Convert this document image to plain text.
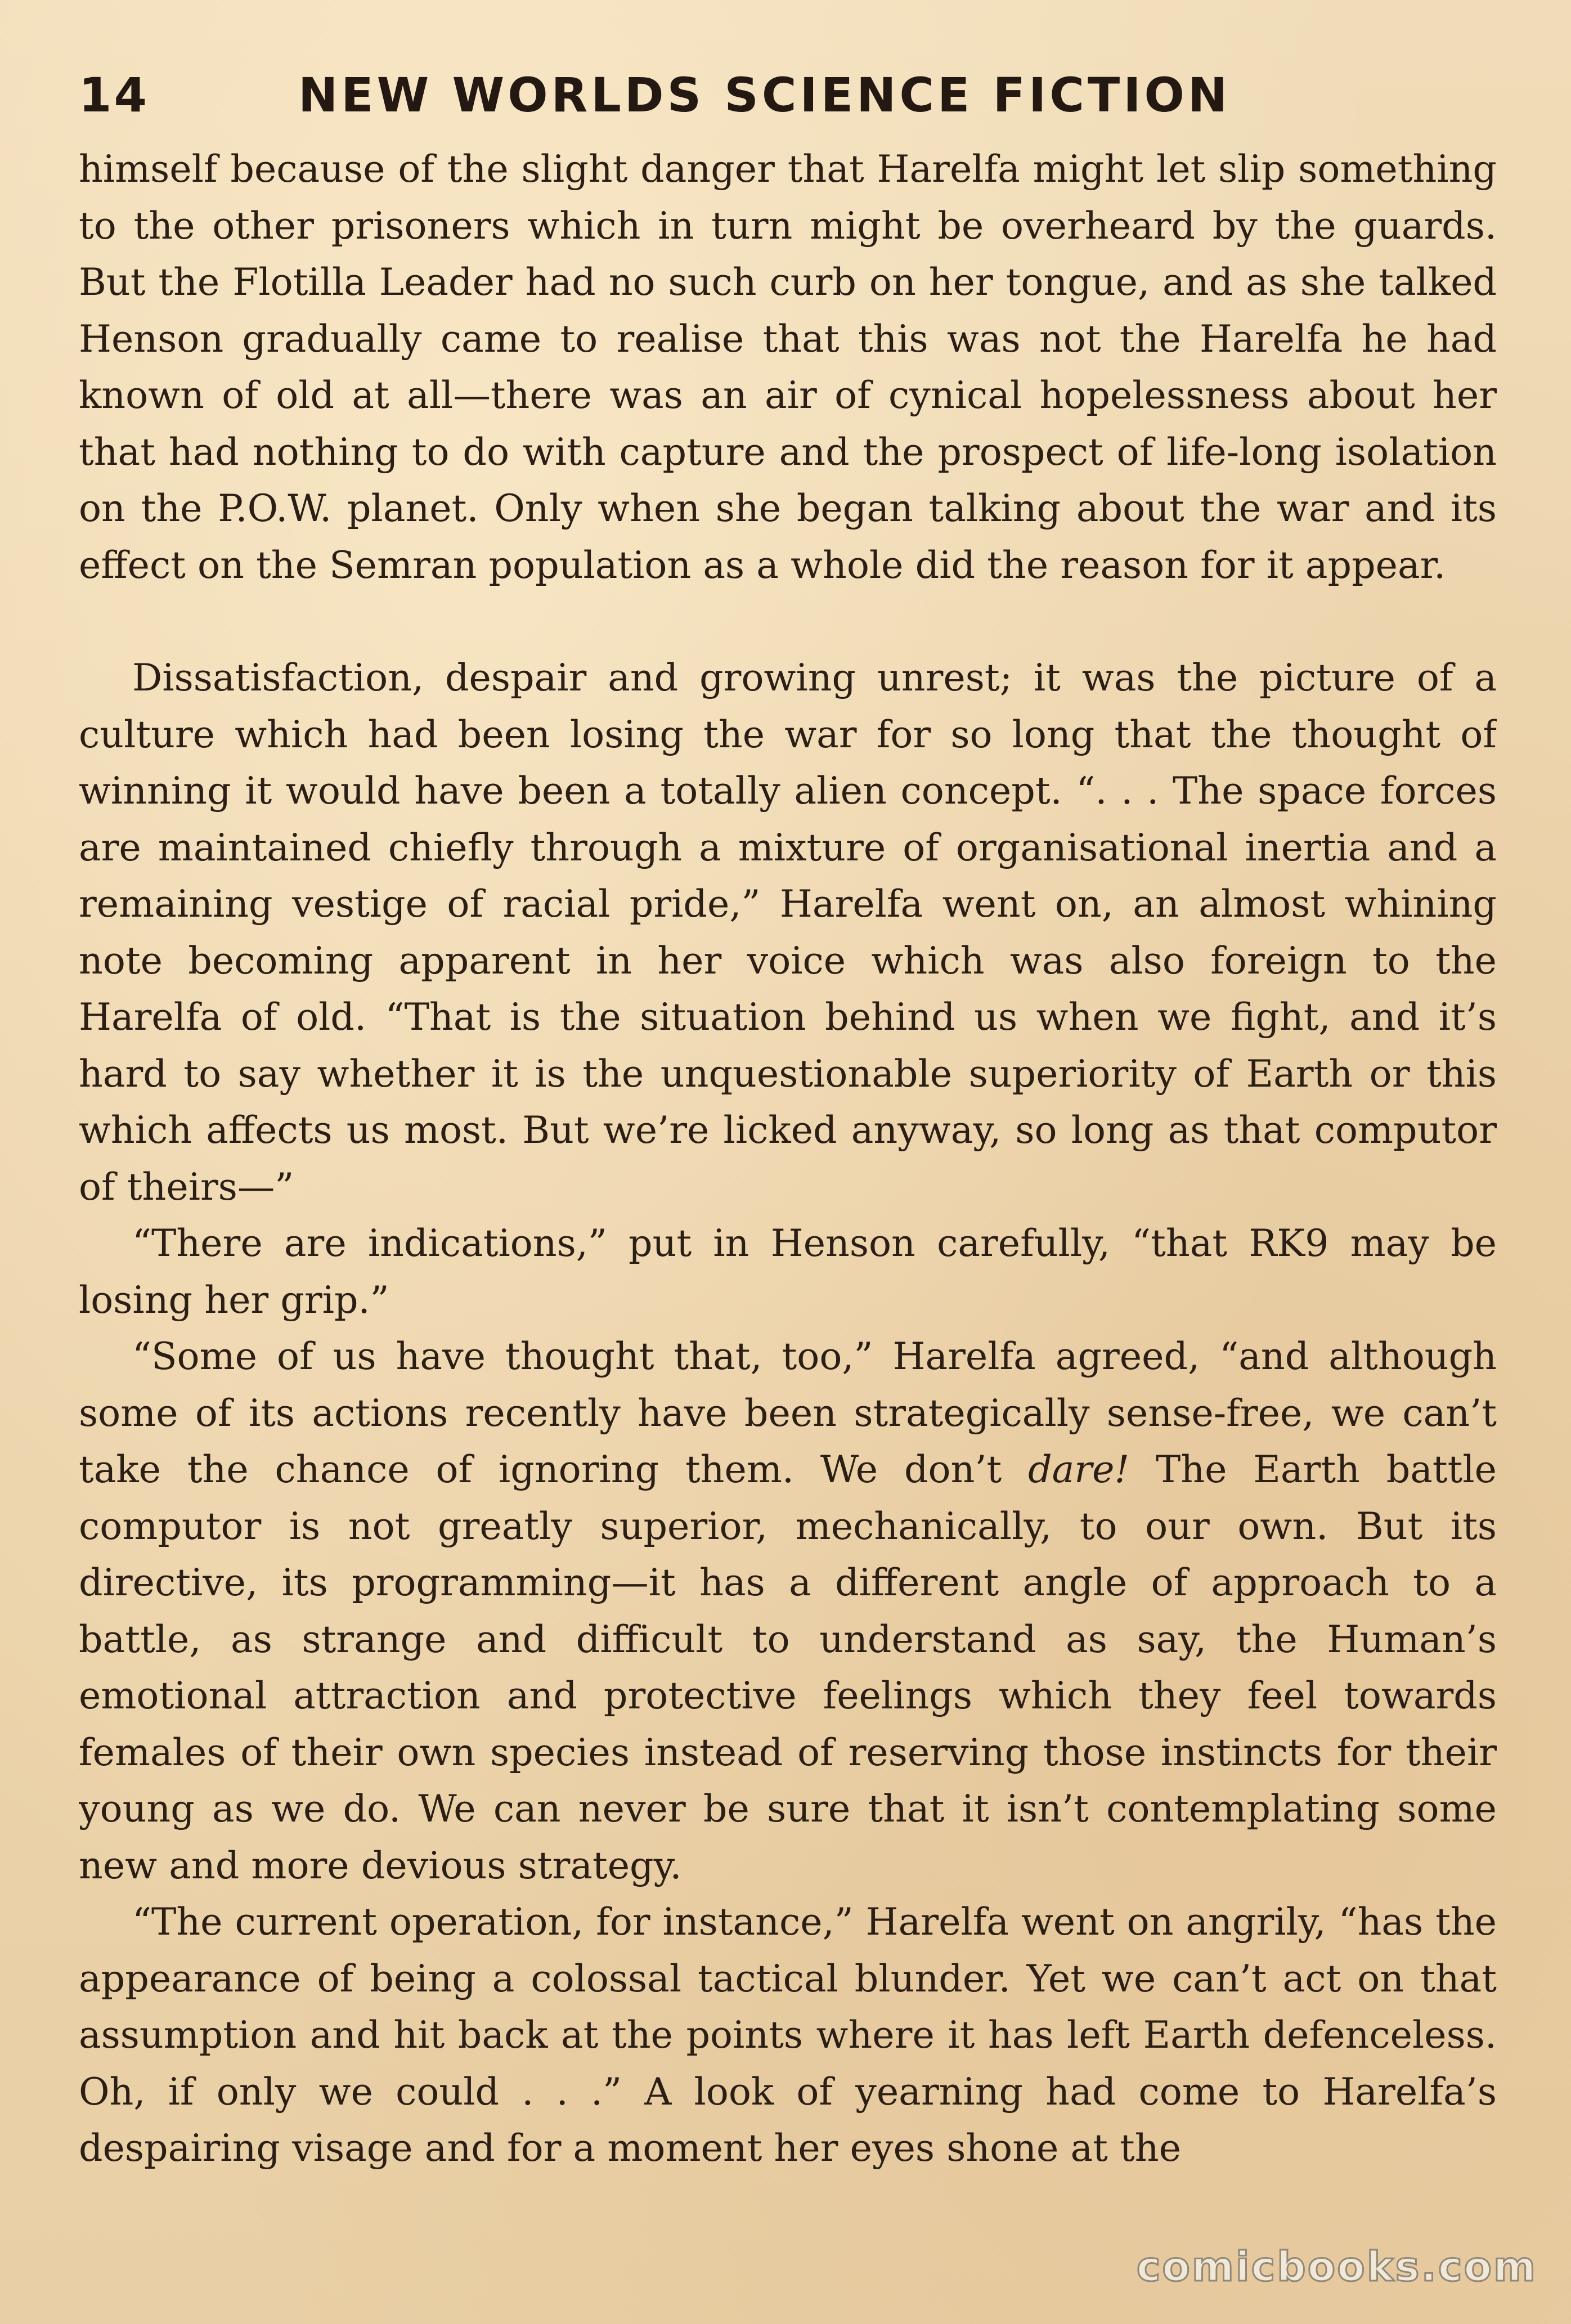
14	NEW WORLDS SCIENCE FICTION

himself because of the slight danger that Harelfa might let slip something to the other prisoners which in turn might be overheard by the guards. But the Flotilla Leader had no such curb on her tongue, and as she talked Henson gradually came to realise that this was not the Harelfa he had known of old at all—there was an air of cynical hopelessness about her that had nothing to do with capture and the prospect of life-long isolation on the P.O.W. planet. Only when she began talking about the war and its effect on the Semran population as a whole did the reason for it appear.

Dissatisfaction, despair and growing unrest; it was the picture of a culture which had been losing the war for so long that the thought of winning it would have been a totally alien concept. “. . . The space forces are maintained chiefly through a mixture of organisational inertia and a remaining vestige of racial pride,” Harelfa went on, an almost whining note becoming apparent in her voice which was also foreign to the Harelfa of old. “That is the situation behind us when we fight, and it’s hard to say whether it is the unquestionable superiority of Earth or this which affects us most. But we’re licked anyway, so long as that computor of theirs—”

“There are indications,” put in Henson carefully, “that RK9 may be losing her grip.”

“Some of us have thought that, too,” Harelfa agreed, “and although some of its actions recently have been strategically sense-free, we can’t take the chance of ignoring them. We don’t dare! The Earth battle computor is not greatly superior, mechanically, to our own. But its directive, its programming—it has a different angle of approach to a battle, as strange and difficult to understand as say, the Human’s emotional attraction and protective feelings which they feel towards females of their own species instead of reserving those instincts for their young as we do. We can never be sure that it isn’t contemplating some new and more devious strategy.

“The current operation, for instance,” Harelfa went on angrily, “has the appearance of being a colossal tactical blunder. Yet we can’t act on that assumption and hit back at the points where it has left Earth defenceless. Oh, if only we could . . .” A look of yearning had come to Harelfa’s despairing visage and for a moment her eyes shone at the

comicbooks.com
